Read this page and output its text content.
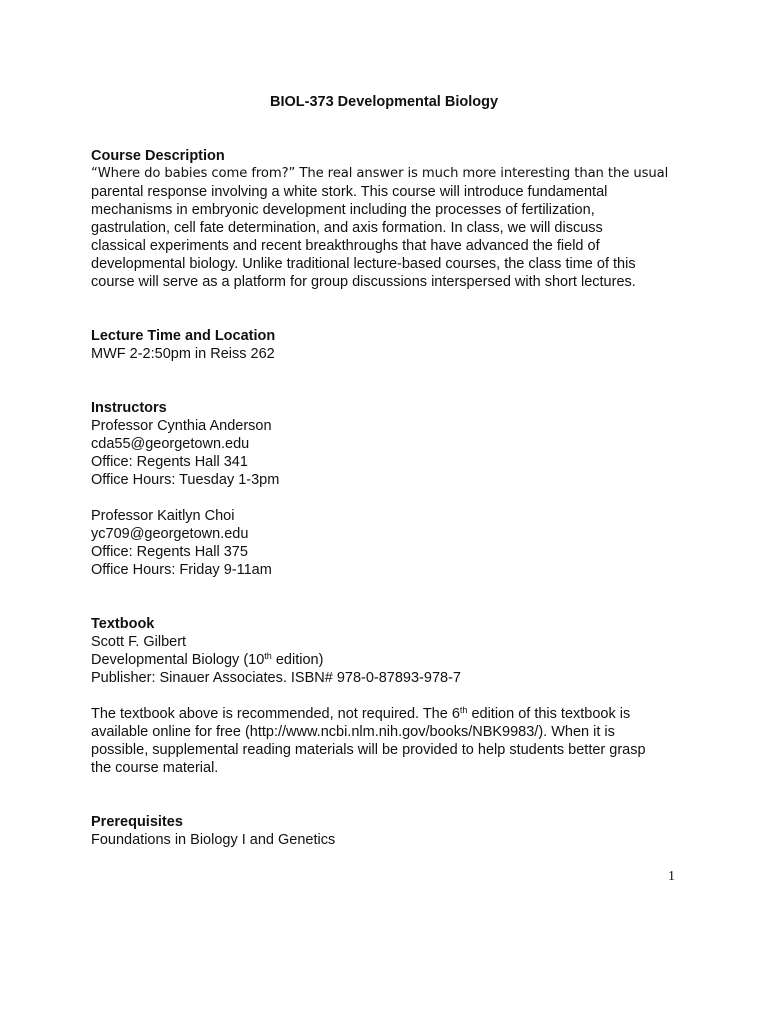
BIOL-373 Developmental Biology
Course Description
“Where do babies come from?” The real answer is much more interesting than the usual
parental response involving a white stork. This course will introduce fundamental
mechanisms in embryonic development including the processes of fertilization,
gastrulation, cell fate determination, and axis formation. In class, we will discuss
classical experiments and recent breakthroughs that have advanced the field of
developmental biology. Unlike traditional lecture-based courses, the class time of this
course will serve as a platform for group discussions interspersed with short lectures.
Lecture Time and Location
MWF 2-2:50pm in Reiss 262
Instructors
Professor Cynthia Anderson
cda55@georgetown.edu
Office: Regents Hall 341
Office Hours: Tuesday 1-3pm
Professor Kaitlyn Choi
yc709@georgetown.edu
Office: Regents Hall 375
Office Hours: Friday 9-11am
Textbook
Scott F. Gilbert
Developmental Biology (10th edition)
Publisher: Sinauer Associates. ISBN# 978-0-87893-978-7
The textbook above is recommended, not required. The 6th edition of this textbook is
available online for free (http://www.ncbi.nlm.nih.gov/books/NBK9983/). When it is
possible, supplemental reading materials will be provided to help students better grasp
the course material.
Prerequisites
Foundations in Biology I and Genetics
1
